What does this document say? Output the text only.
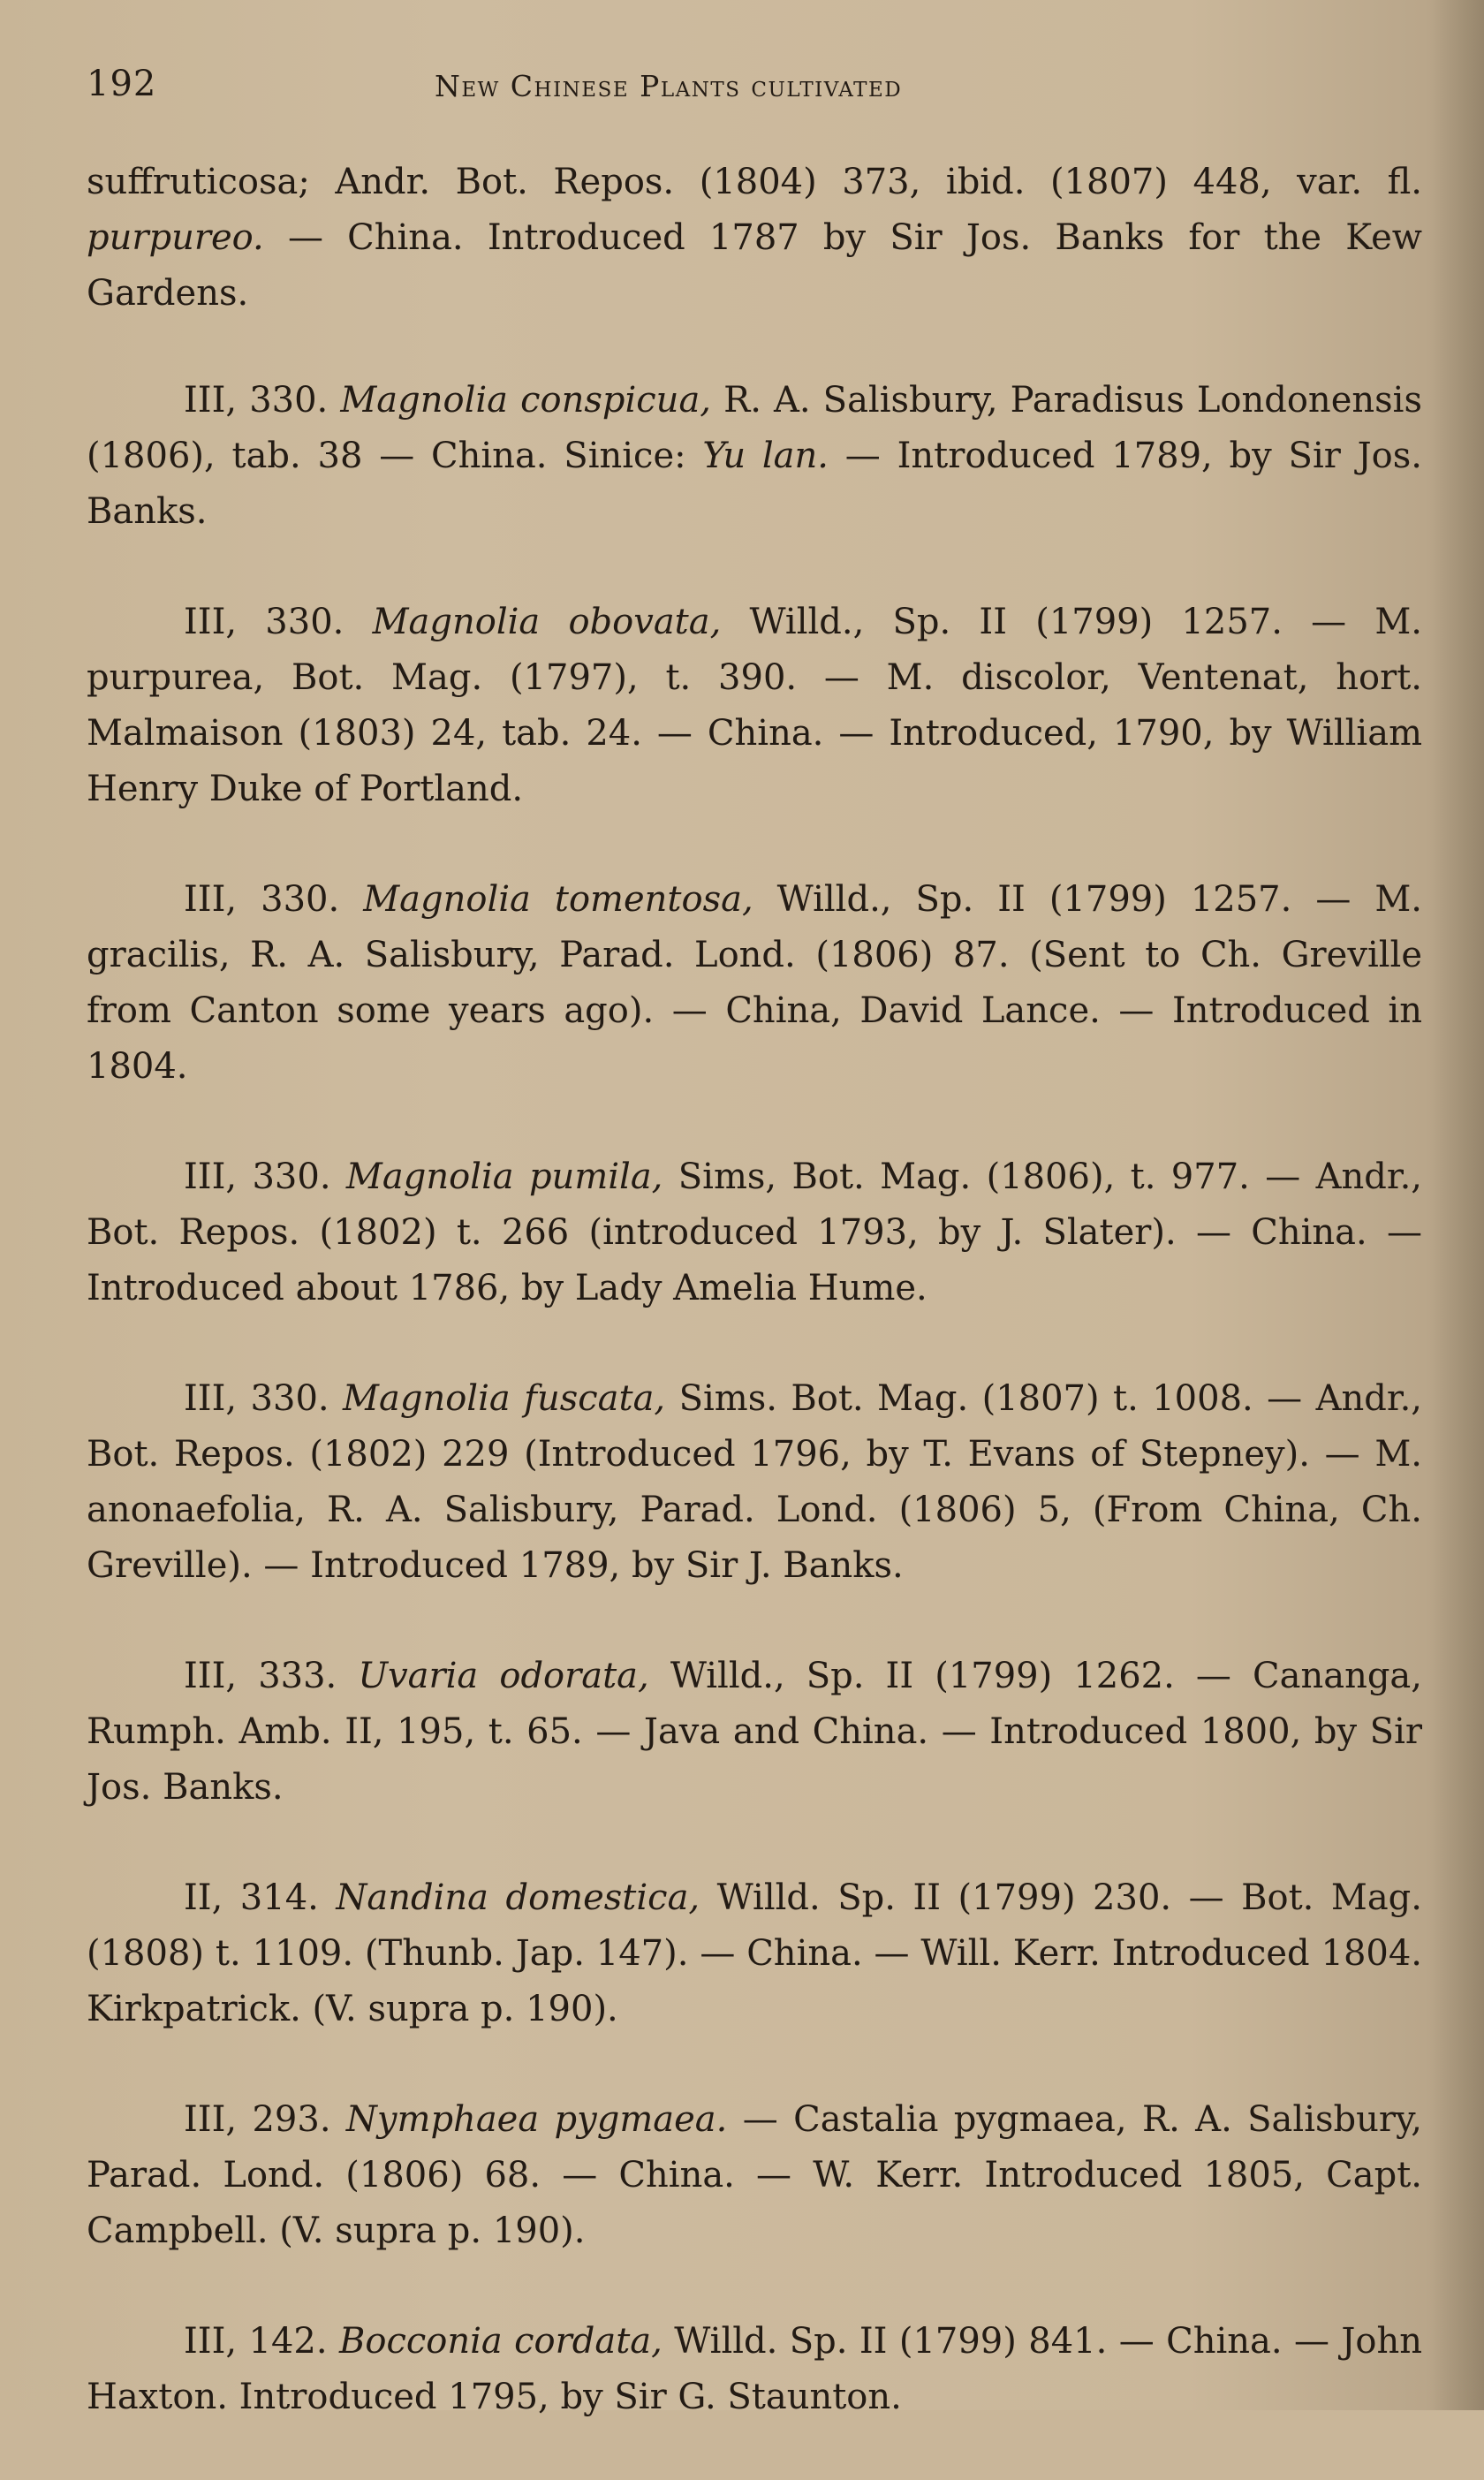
192	New Chinese Plants cultivated

suffruticosa; Andr. Bot. Repos. (1804) 373, ibid. (1807) 448, var. fl. purpureo. — China. Introduced 1787 by Sir Jos. Banks for the Kew Gardens.

III, 330. Magnolia conspicua, R. A. Salisbury, Paradisus Londonensis (1806), tab. 38 — China. Sinice: Yu lan. — Introduced 1789, by Sir Jos. Banks.

III, 330. Magnolia obovata, Willd., Sp. II (1799) 1257. — M. purpurea, Bot. Mag. (1797), t. 390. — M. discolor, Ventenat, hort. Malmaison (1803) 24, tab. 24. — China. — Introduced, 1790, by William Henry Duke of Portland.

III, 330. Magnolia tomentosa, Willd., Sp. II (1799) 1257. — M. gracilis, R. A. Salisbury, Parad. Lond. (1806) 87. (Sent to Ch. Greville from Canton some years ago). — China, David Lance. — Introduced in 1804.

III, 330. Magnolia pumila, Sims, Bot. Mag. (1806), t. 977. — Andr., Bot. Repos. (1802) t. 266 (introduced 1793, by J. Slater). — China. — Introduced about 1786, by Lady Amelia Hume.

III, 330. Magnolia fuscata, Sims. Bot. Mag. (1807) t. 1008. — Andr., Bot. Repos. (1802) 229 (Introduced 1796, by T. Evans of Stepney). — M. anonaefolia, R. A. Salisbury, Parad. Lond. (1806) 5, (From China, Ch. Greville). — Introduced 1789, by Sir J. Banks.

III, 333. Uvaria odorata, Willd., Sp. II (1799) 1262. — Cananga, Rumph. Amb. II, 195, t. 65. — Java and China. — Introduced 1800, by Sir Jos. Banks.

II, 314. Nandina domestica, Willd. Sp. II (1799) 230. — Bot. Mag. (1808) t. 1109. (Thunb. Jap. 147). — China. — Will. Kerr. Introduced 1804. Kirkpatrick. (V. supra p. 190).

III, 293. Nymphaea pygmaea. — Castalia pygmaea, R. A. Salisbury, Parad. Lond. (1806) 68. — China. — W. Kerr. Introduced 1805, Capt. Campbell. (V. supra p. 190).

III, 142. Bocconia cordata, Willd. Sp. II (1799) 841. — China. — John Haxton. Introduced 1795, by Sir G. Staunton.
